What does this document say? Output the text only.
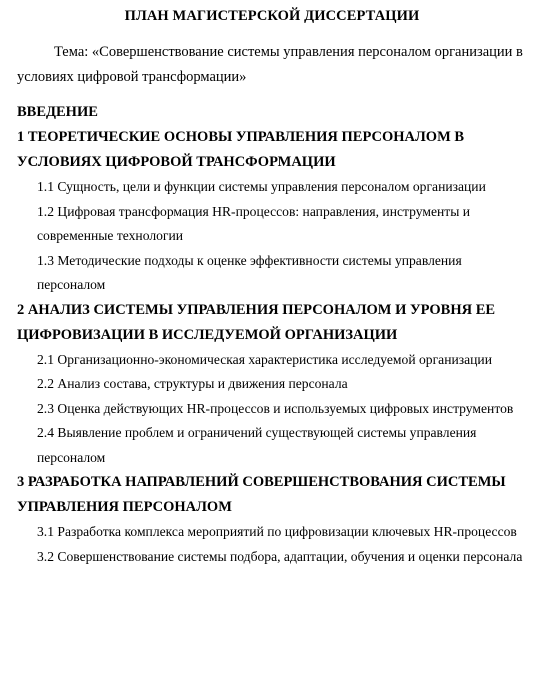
ПЛАН МАГИСТЕРСКОЙ ДИССЕРТАЦИИ

Тема: «Совершенствование системы управления персоналом организации в условиях цифровой трансформации»

ВВЕДЕНИЕ
1 ТЕОРЕТИЧЕСКИЕ ОСНОВЫ УПРАВЛЕНИЯ ПЕРСОНАЛОМ В УСЛОВИЯХ ЦИФРОВОЙ ТРАНСФОРМАЦИИ
1.1 Сущность, цели и функции системы управления персоналом организации
1.2 Цифровая трансформация HR-процессов: направления, инструменты и современные технологии
1.3 Методические подходы к оценке эффективности системы управления персоналом
2 АНАЛИЗ СИСТЕМЫ УПРАВЛЕНИЯ ПЕРСОНАЛОМ И УРОВНЯ ЕЕ ЦИФРОВИЗАЦИИ В ИССЛЕДУЕМОЙ ОРГАНИЗАЦИИ
2.1 Организационно-экономическая характеристика исследуемой организации
2.2 Анализ состава, структуры и движения персонала
2.3 Оценка действующих HR-процессов и используемых цифровых инструментов
2.4 Выявление проблем и ограничений существующей системы управления персоналом
3 РАЗРАБОТКА НАПРАВЛЕНИЙ СОВЕРШЕНСТВОВАНИЯ СИСТЕМЫ УПРАВЛЕНИЯ ПЕРСОНАЛОМ
3.1 Разработка комплекса мероприятий по цифровизации ключевых HR-процессов
3.2 Совершенствование системы подбора, адаптации, обучения и оценки персонала
